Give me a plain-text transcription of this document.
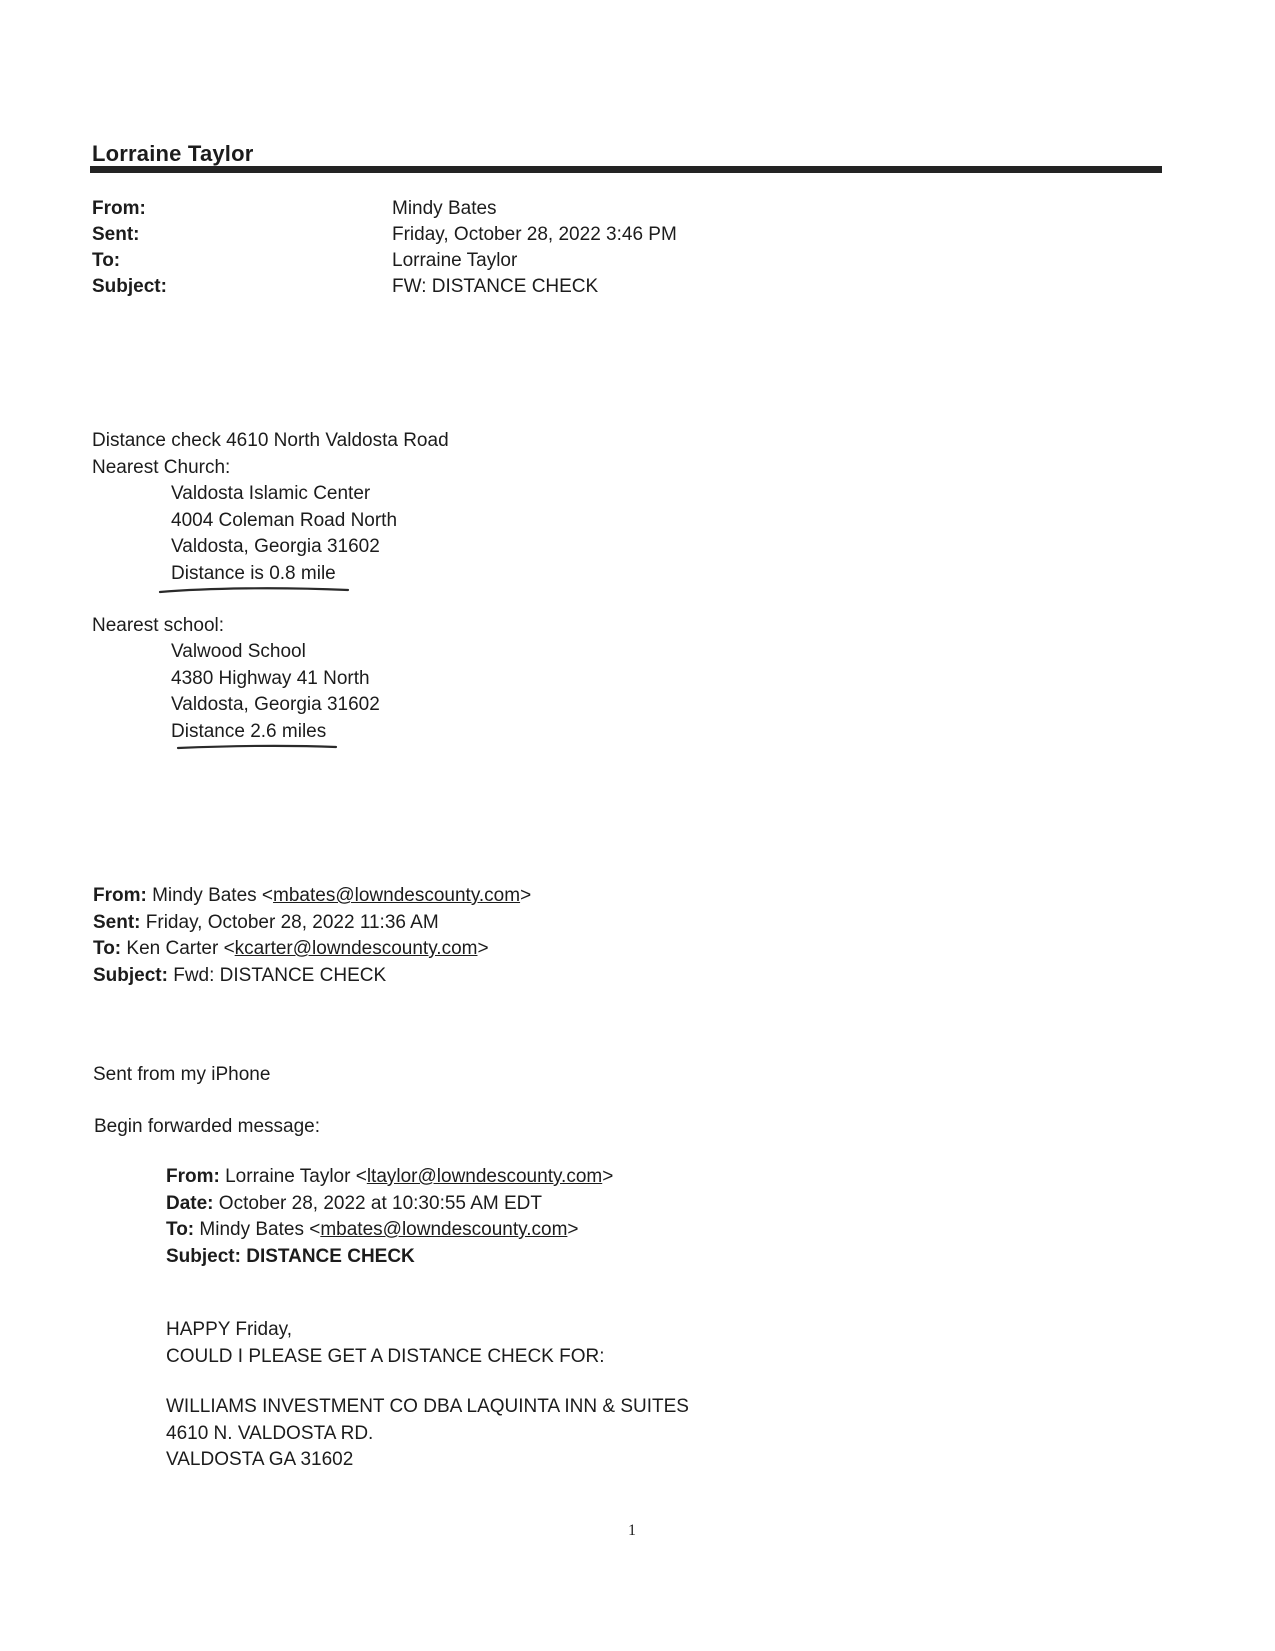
Lorraine Taylor
From:	Mindy Bates
Sent:	Friday, October 28, 2022 3:46 PM
To:	Lorraine Taylor
Subject:	FW: DISTANCE CHECK
Distance check 4610 North Valdosta Road
Nearest Church:
Valdosta Islamic Center
4004 Coleman Road North
Valdosta, Georgia 31602
Distance is 0.8 mile
Nearest school:
Valwood School
4380 Highway 41 North
Valdosta, Georgia 31602
Distance 2.6 miles
From: Mindy Bates <mbates@lowndescounty.com>
Sent: Friday, October 28, 2022 11:36 AM
To: Ken Carter <kcarter@lowndescounty.com>
Subject: Fwd: DISTANCE CHECK
Sent from my iPhone
Begin forwarded message:
From: Lorraine Taylor <ltaylor@lowndescounty.com>
Date: October 28, 2022 at 10:30:55 AM EDT
To: Mindy Bates <mbates@lowndescounty.com>
Subject: DISTANCE CHECK
HAPPY Friday,
COULD I PLEASE GET A DISTANCE CHECK FOR:
WILLIAMS INVESTMENT CO DBA LAQUINTA INN & SUITES
4610 N. VALDOSTA RD.
VALDOSTA GA 31602
1
